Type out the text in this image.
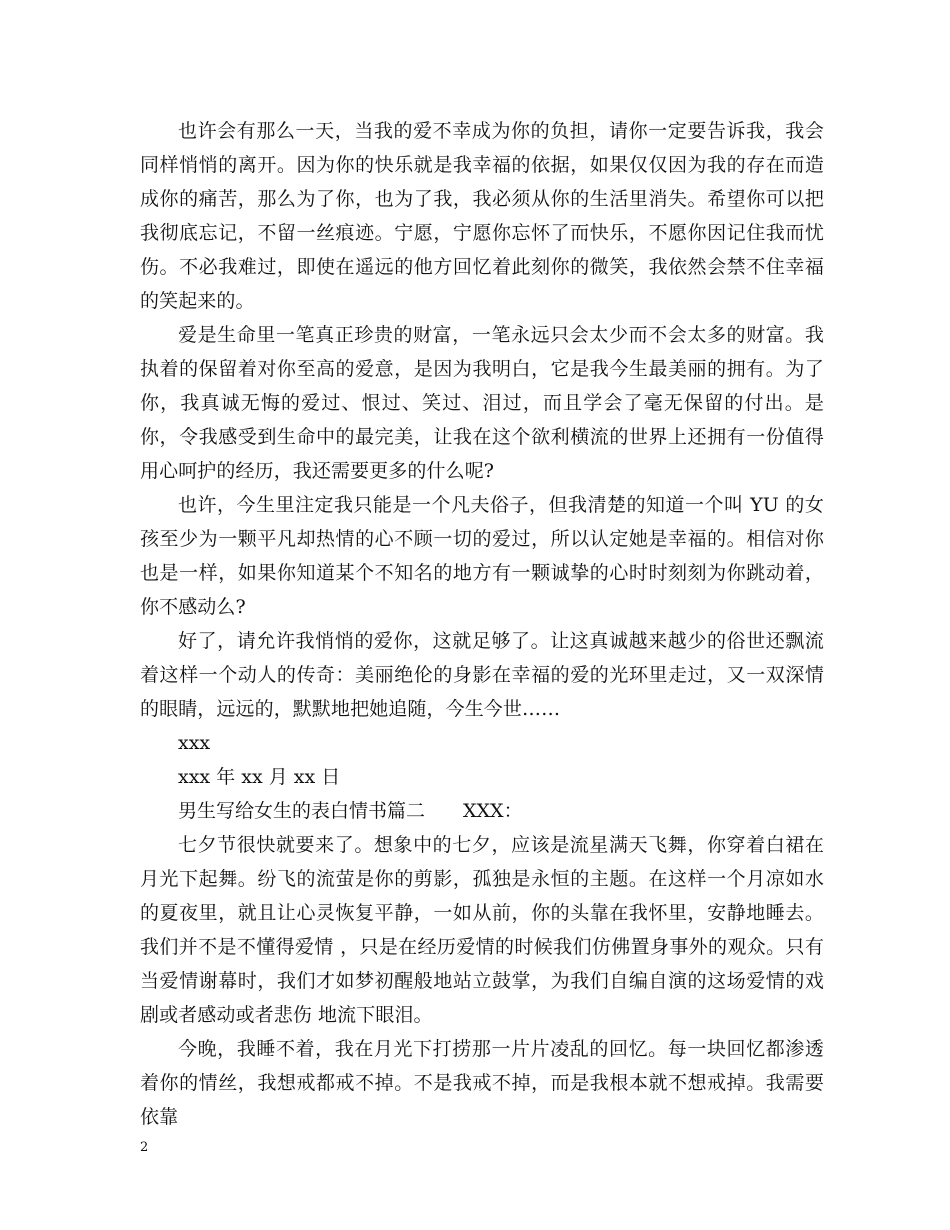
也许会有那么一天，当我的爱不幸成为你的负担，请你一定要告诉我，我会同样悄悄的离开。因为你的快乐就是我幸福的依据，如果仅仅因为我的存在而造成你的痛苦，那么为了你，也为了我，我必须从你的生活里消失。希望你可以把我彻底忘记，不留一丝痕迹。宁愿，宁愿你忘怀了而快乐，不愿你因记住我而忧伤。不必我难过，即使在遥远的他方回忆着此刻你的微笑，我依然会禁不住幸福的笑起来的。

爱是生命里一笔真正珍贵的财富，一笔永远只会太少而不会太多的财富。我执着的保留着对你至高的爱意，是因为我明白，它是我今生最美丽的拥有。为了你，我真诚无悔的爱过、恨过、笑过、泪过，而且学会了毫无保留的付出。是你，令我感受到生命中的最完美，让我在这个欲利横流的世界上还拥有一份值得用心呵护的经历，我还需要更多的什么呢?

也许，今生里注定我只能是一个凡夫俗子，但我清楚的知道一个叫 YU 的女孩至少为一颗平凡却热情的心不顾一切的爱过，所以认定她是幸福的。相信对你也是一样，如果你知道某个不知名的地方有一颗诚挚的心时时刻刻为你跳动着，你不感动么?

好了，请允许我悄悄的爱你，这就足够了。让这真诚越来越少的俗世还飘流着这样一个动人的传奇：美丽绝伦的身影在幸福的爱的光环里走过，又一双深情的眼睛，远远的，默默地把她追随，今生今世……

xxx

xxx 年 xx 月 xx 日

男生写给女生的表白情书篇二　　XXX：

七夕节很快就要来了。想象中的七夕，应该是流星满天飞舞，你穿着白裙在月光下起舞。纷飞的流萤是你的剪影，孤独是永恒的主题。在这样一个月凉如水的夏夜里，就且让心灵恢复平静，一如从前，你的头靠在我怀里，安静地睡去。我们并不是不懂得爱情 ，只是在经历爱情的时候我们仿佛置身事外的观众。只有当爱情谢幕时，我们才如梦初醒般地站立鼓掌，为我们自编自演的这场爱情的戏剧或者感动或者悲伤 地流下眼泪。

今晚，我睡不着，我在月光下打捞那一片片凌乱的回忆。每一块回忆都渗透着你的情丝，我想戒都戒不掉。不是我戒不掉，而是我根本就不想戒掉。我需要依靠

2
